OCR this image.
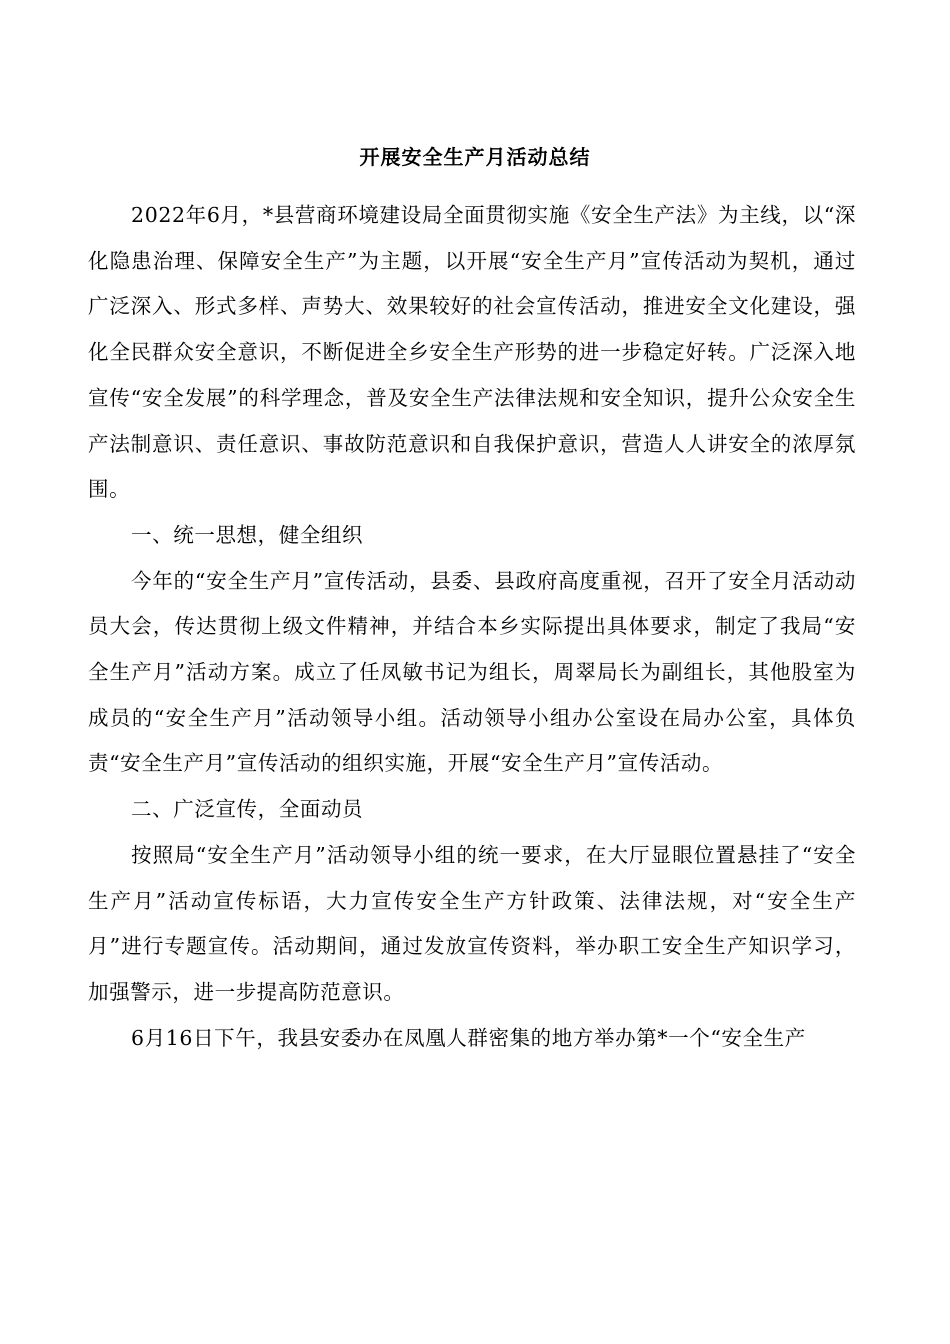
开展安全生产月活动总结

2022年6月，*县营商环境建设局全面贯彻实施《安全生产法》为主线，以“深化隐患治理、保障安全生产”为主题，以开展“安全生产月”宣传活动为契机，通过广泛深入、形式多样、声势大、效果较好的社会宣传活动，推进安全文化建设，强化全民群众安全意识，不断促进全乡安全生产形势的进一步稳定好转。广泛深入地宣传“安全发展”的科学理念，普及安全生产法律法规和安全知识，提升公众安全生产法制意识、责任意识、事故防范意识和自我保护意识，营造人人讲安全的浓厚氛围。

一、统一思想，健全组织

今年的“安全生产月”宣传活动，县委、县政府高度重视，召开了安全月活动动员大会，传达贯彻上级文件精神，并结合本乡实际提出具体要求，制定了我局“安全生产月”活动方案。成立了任凤敏书记为组长，周翠局长为副组长，其他股室为成员的“安全生产月”活动领导小组。活动领导小组办公室设在局办公室，具体负责“安全生产月”宣传活动的组织实施，开展“安全生产月”宣传活动。

二、广泛宣传，全面动员

按照局“安全生产月”活动领导小组的统一要求，在大厅显眼位置悬挂了“安全生产月”活动宣传标语，大力宣传安全生产方针政策、法律法规，对“安全生产月”进行专题宣传。活动期间，通过发放宣传资料，举办职工安全生产知识学习，加强警示，进一步提高防范意识。

6月16日下午，我县安委办在凤凰人群密集的地方举办第*一个“安全生产
